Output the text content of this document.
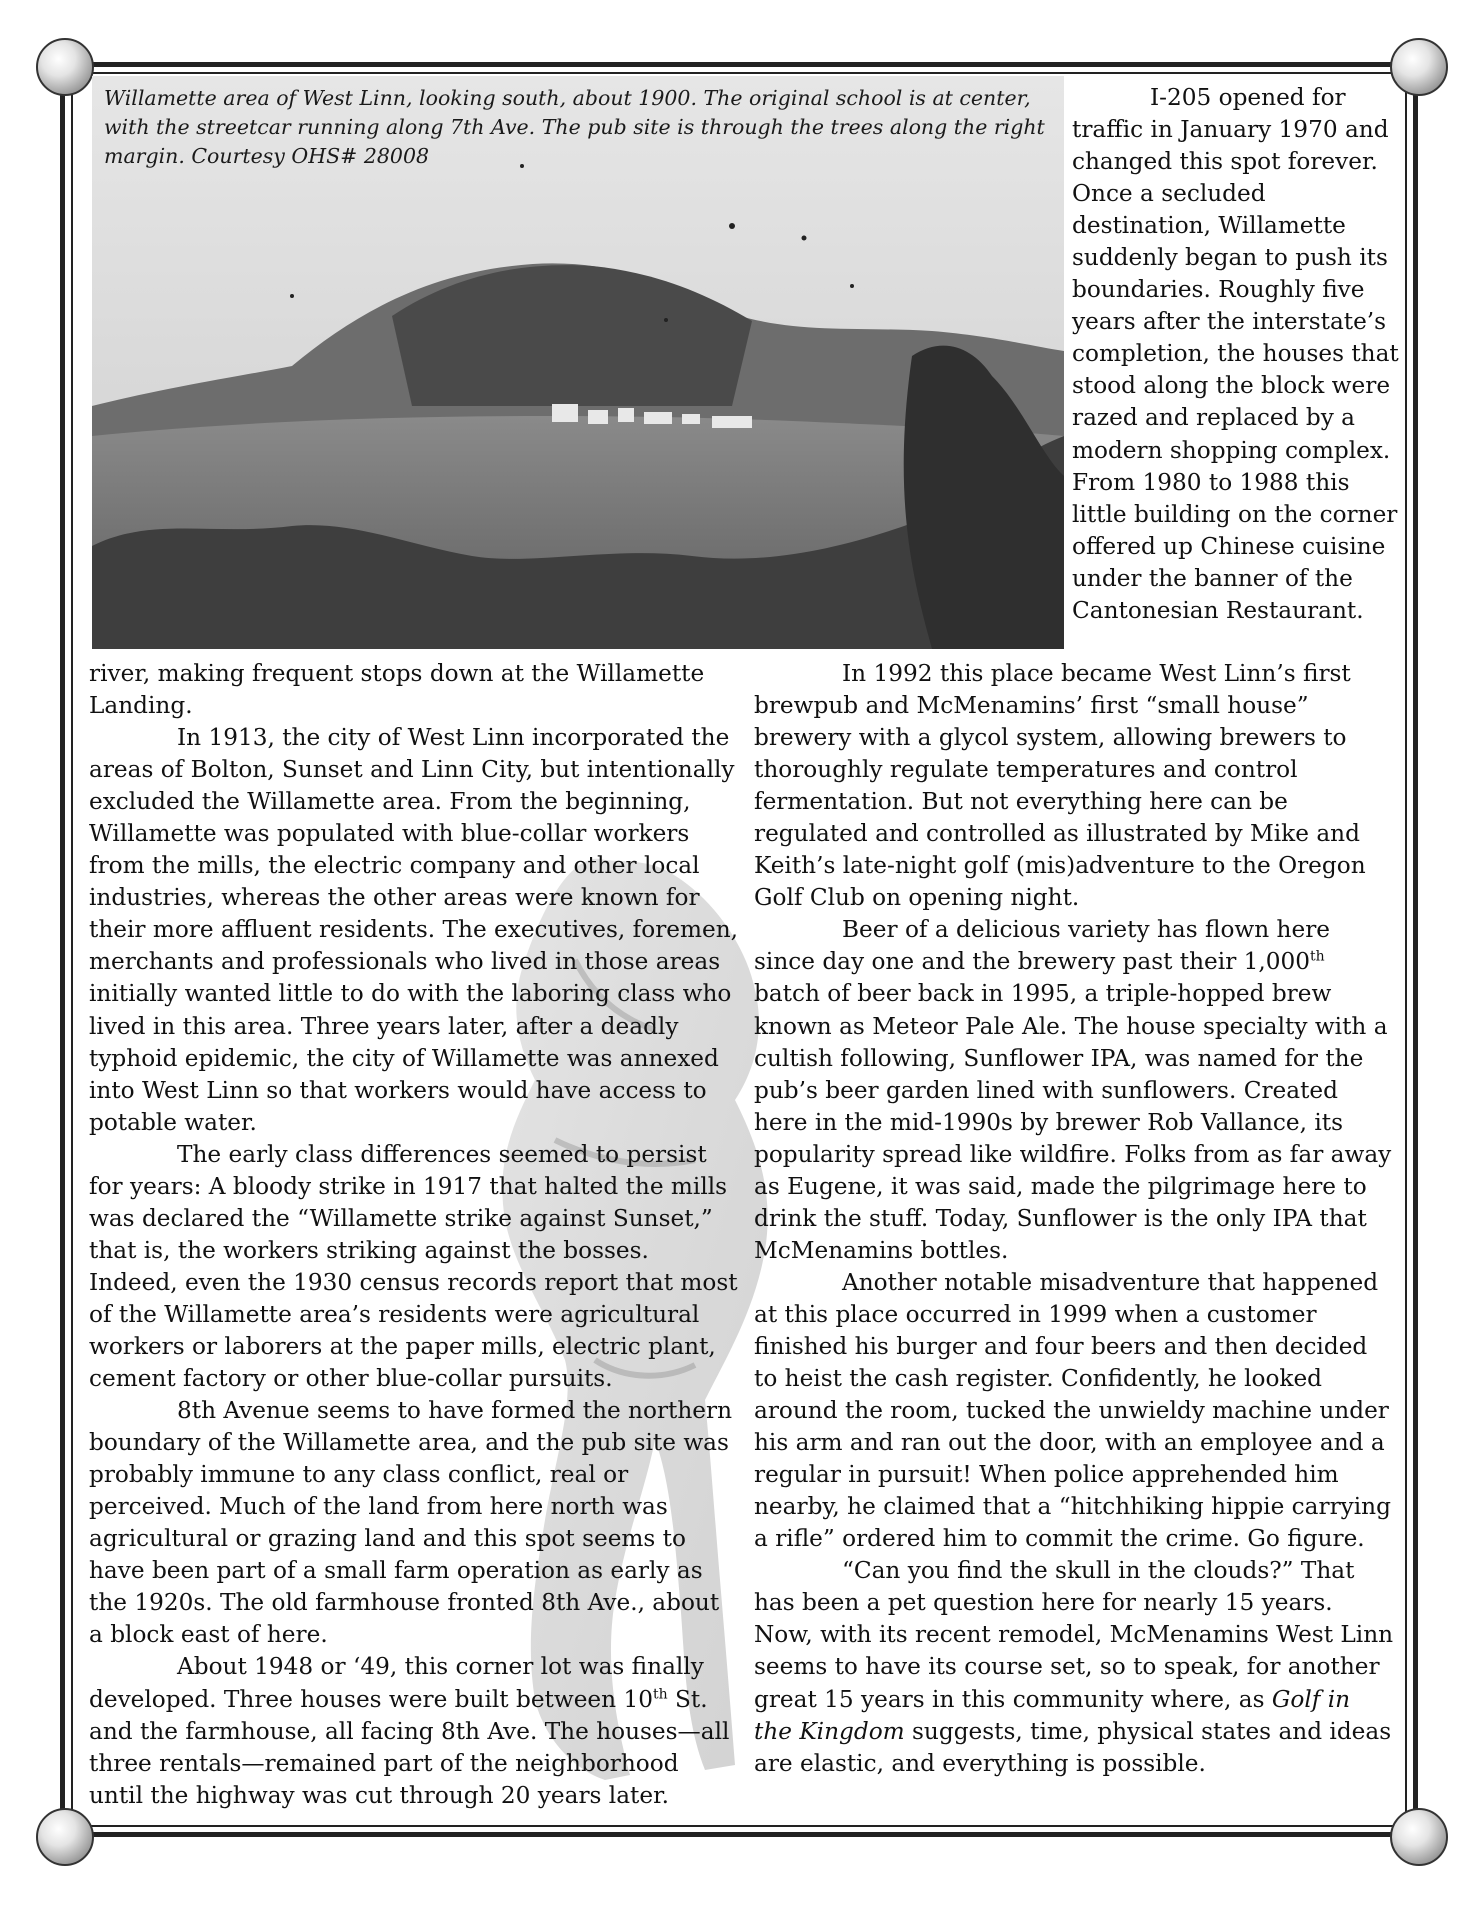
Willamette area of West Linn, looking south, about 1900. The original school is at center, with the streetcar running along 7th Ave. The pub site is through the trees along the right margin. Courtesy OHS# 28008

I-205 opened for traffic in January 1970 and changed this spot forever. Once a secluded destination, Willamette suddenly began to push its boundaries. Roughly five years after the interstate’s completion, the houses that stood along the block were razed and replaced by a modern shopping complex. From 1980 to 1988 this little building on the corner offered up Chinese cuisine under the banner of the Cantonesian Restaurant.

river, making frequent stops down at the Willamette Landing.

In 1913, the city of West Linn incorporated the areas of Bolton, Sunset and Linn City, but intentionally excluded the Willamette area. From the beginning, Willamette was populated with blue-collar workers from the mills, the electric company and other local industries, whereas the other areas were known for their more affluent residents. The executives, foremen, merchants and professionals who lived in those areas initially wanted little to do with the laboring class who lived in this area. Three years later, after a deadly typhoid epidemic, the city of Willamette was annexed into West Linn so that workers would have access to potable water.

The early class differences seemed to persist for years: A bloody strike in 1917 that halted the mills was declared the “Willamette strike against Sunset,” that is, the workers striking against the bosses. Indeed, even the 1930 census records report that most of the Willamette area’s residents were agricultural workers or laborers at the paper mills, electric plant, cement factory or other blue-collar pursuits.

8th Avenue seems to have formed the northern boundary of the Willamette area, and the pub site was probably immune to any class conflict, real or perceived. Much of the land from here north was agricultural or grazing land and this spot seems to have been part of a small farm operation as early as the 1920s. The old farmhouse fronted 8th Ave., about a block east of here.

About 1948 or ‘49, this corner lot was finally developed. Three houses were built between 10th St. and the farmhouse, all facing 8th Ave. The houses—all three rentals—remained part of the neighborhood until the highway was cut through 20 years later.

In 1992 this place became West Linn’s first brewpub and McMenamins’ first “small house” brewery with a glycol system, allowing brewers to thoroughly regulate temperatures and control fermentation. But not everything here can be regulated and controlled as illustrated by Mike and Keith’s late-night golf (mis)adventure to the Oregon Golf Club on opening night.

Beer of a delicious variety has flown here since day one and the brewery past their 1,000th batch of beer back in 1995, a triple-hopped brew known as Meteor Pale Ale. The house specialty with a cultish following, Sunflower IPA, was named for the pub’s beer garden lined with sunflowers. Created here in the mid-1990s by brewer Rob Vallance, its popularity spread like wildfire. Folks from as far away as Eugene, it was said, made the pilgrimage here to drink the stuff. Today, Sunflower is the only IPA that McMenamins bottles.

Another notable misadventure that happened at this place occurred in 1999 when a customer finished his burger and four beers and then decided to heist the cash register. Confidently, he looked around the room, tucked the unwieldy machine under his arm and ran out the door, with an employee and a regular in pursuit! When police apprehended him nearby, he claimed that a “hitchhiking hippie carrying a rifle” ordered him to commit the crime. Go figure.

“Can you find the skull in the clouds?” That has been a pet question here for nearly 15 years. Now, with its recent remodel, McMenamins West Linn seems to have its course set, so to speak, for another great 15 years in this community where, as Golf in the Kingdom suggests, time, physical states and ideas are elastic, and everything is possible.
